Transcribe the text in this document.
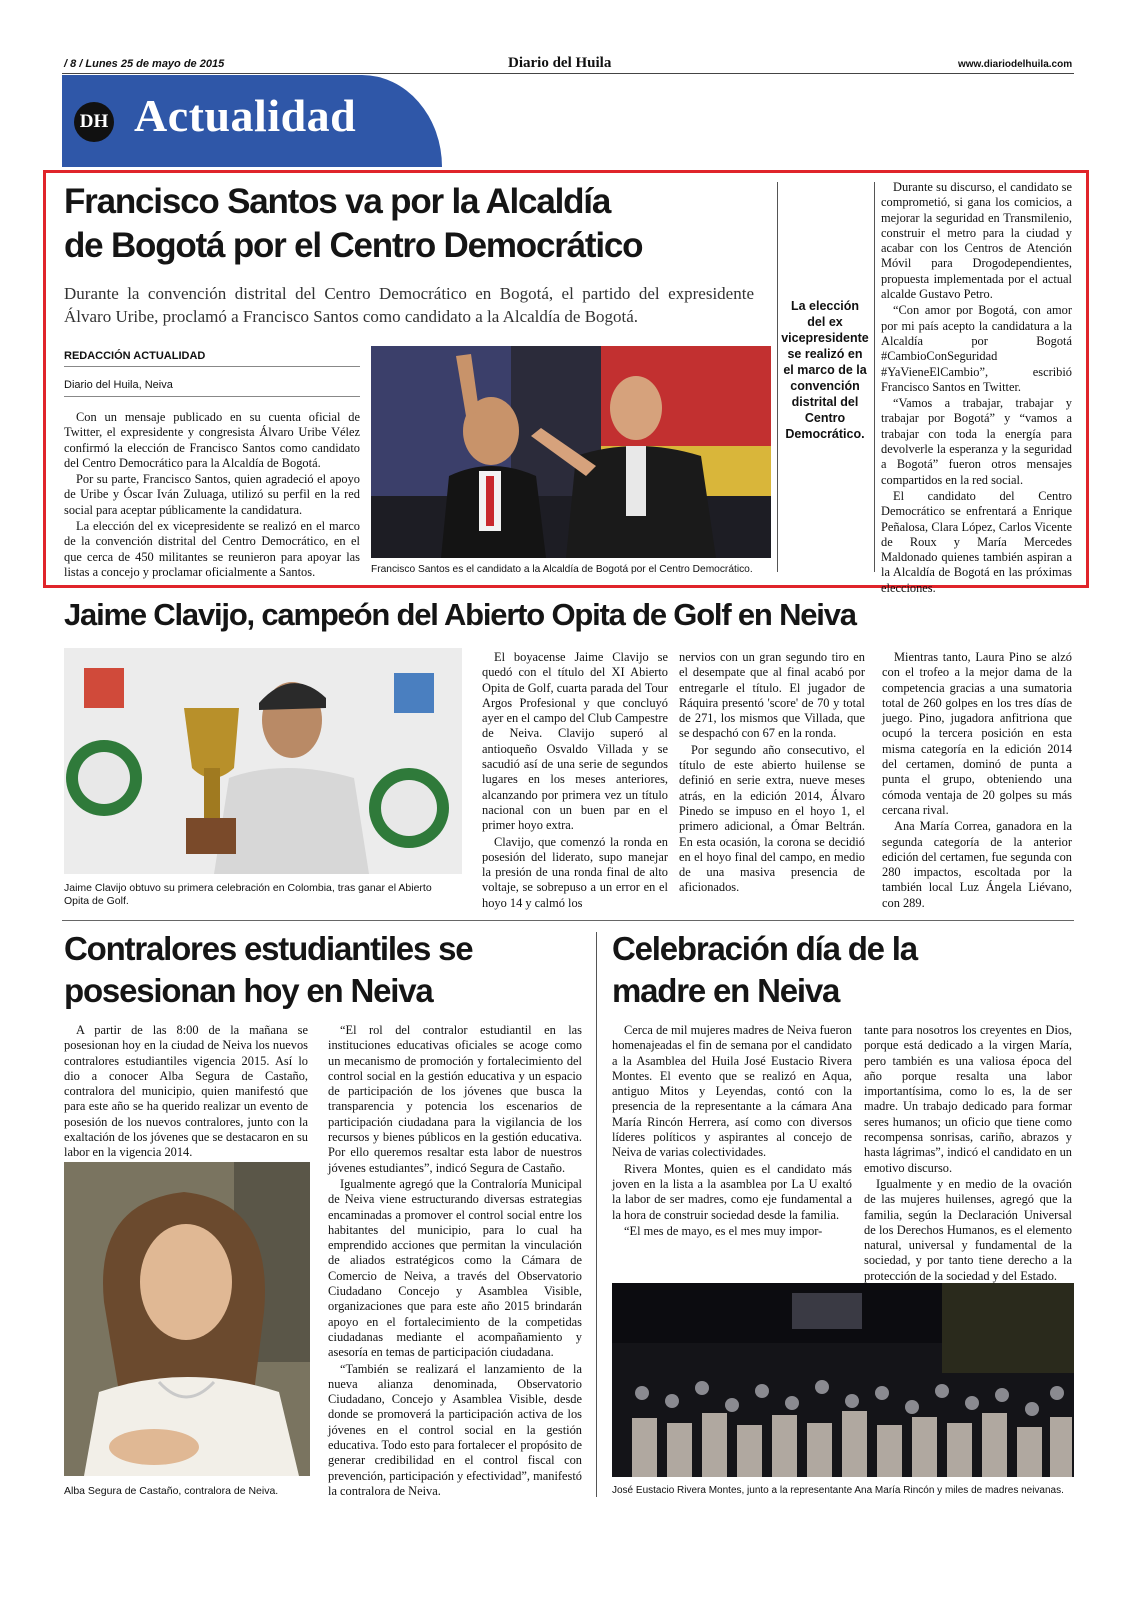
/ 8 / Lunes 25 de mayo de 2015	Diario del Huila	www.diariodelhuila.com
DH Actualidad
Francisco Santos va por la Alcaldía
de Bogotá por el Centro Democrático
Durante la convención distrital del Centro Democrático en Bogotá, el partido del expresidente Álvaro Uribe, proclamó a Francisco Santos como candidato a la Alcaldía de Bogotá.
REDACCIÓN ACTUALIDAD
Diario del Huila, Neiva

Con un mensaje publicado en su cuenta oficial de Twitter, el expresidente y congresista Álvaro Uribe Vélez confirmó la elección de Francisco Santos como candidato del Centro Democrático para la Alcaldía de Bogotá.

Por su parte, Francisco Santos, quien agradeció el apoyo de Uribe y Óscar Iván Zuluaga, utilizó su perfil en la red social para aceptar públicamente la candidatura.

La elección del ex vicepresidente se realizó en el marco de la convención distrital del Centro Democrático, en el que cerca de 450 militantes se reunieron para apoyar las listas a concejo y proclamar oficialmente a Santos.	Francisco Santos es el candidato a la Alcaldía de Bogotá por el Centro Democrático.
La elección del ex vicepresidente se realizó en el marco de la convención distrital del Centro Democrático.

Durante su discurso, el candidato se comprometió, si gana los comicios, a mejorar la seguridad en Transmilenio, construir el metro para la ciudad y acabar con los Centros de Atención Móvil para Drogodependientes, propuesta implementada por el actual alcalde Gustavo Petro.

“Con amor por Bogotá, con amor por mi país acepto la candidatura a la Alcaldía por Bogotá #CambioConSeguridad #YaVieneElCambio”, escribió Francisco Santos en Twitter.

“Vamos a trabajar, trabajar y trabajar por Bogotá” y “vamos a trabajar con toda la energía para devolverle la esperanza y la seguridad a Bogotá” fueron otros mensajes compartidos en la red social.

El candidato del Centro Democrático se enfrentará a Enrique Peñalosa, Clara López, Carlos Vicente de Roux y María Mercedes Maldonado quienes también aspiran a la Alcaldía de Bogotá en las próximas elecciones.

Jaime Clavijo, campeón del Abierto Opita de Golf en Neiva
Jaime Clavijo obtuvo su primera celebración en Colombia, tras ganar el Abierto Opita de Golf.

El boyacense Jaime Clavijo se quedó con el título del XI Abierto Opita de Golf, cuarta parada del Tour Argos Profesional y que concluyó ayer en el campo del Club Campestre de Neiva. Clavijo superó al antioqueño Osvaldo Villada y se sacudió así de una serie de segundos lugares en los meses anteriores, alcanzando por primera vez un título nacional con un buen par en el primer hoyo extra.

Clavijo, que comenzó la ronda en posesión del liderato, supo manejar la presión de una ronda final de alto voltaje, se sobrepuso a un error en el hoyo 14 y calmó los

nervios con un gran segundo tiro en el desempate que al final acabó por entregarle el título. El jugador de Ráquira presentó 'score' de 70 y total de 271, los mismos que Villada, que se despachó con 67 en la ronda.

Por segundo año consecutivo, el título de este abierto huilense se definió en serie extra, nueve meses atrás, en la edición 2014, Álvaro Pinedo se impuso en el hoyo 1, el primero adicional, a Ómar Beltrán. En esta ocasión, la corona se decidió en el hoyo final del campo, en medio de una masiva presencia de aficionados.

Mientras tanto, Laura Pino se alzó con el trofeo a la mejor dama de la competencia gracias a una sumatoria total de 260 golpes en los tres días de juego. Pino, jugadora anfitriona que ocupó la tercera posición en esta misma categoría en la edición 2014 del certamen, dominó de punta a punta el grupo, obteniendo una cómoda ventaja de 20 golpes su más cercana rival.

Ana María Correa, ganadora en la segunda categoría de la anterior edición del certamen, fue segunda con 280 impactos, escoltada por la también local Luz Ángela Liévano, con 289.

Contralores estudiantiles se
posesionan hoy en Neiva

A partir de las 8:00 de la mañana se posesionan hoy en la ciudad de Neiva los nuevos contralores estudiantiles vigencia 2015. Así lo dio a conocer Alba Segura de Castaño, contralora del municipio, quien manifestó que para este año se ha querido realizar un evento de posesión de los nuevos contralores, junto con la exaltación de los jóvenes que se destacaron en su labor en la vigencia 2014.

Alba Segura de Castaño, contralora de Neiva.

“El rol del contralor estudiantil en las instituciones educativas oficiales se acoge como un mecanismo de promoción y fortalecimiento del control social en la gestión educativa y un espacio de participación de los jóvenes que busca la transparencia y potencia los escenarios de participación ciudadana para la vigilancia de los recursos y bienes públicos en la gestión educativa. Por ello queremos resaltar esta labor de nuestros jóvenes estudiantes”, indicó Segura de Castaño.

Igualmente agregó que la Contraloría Municipal de Neiva viene estructurando diversas estrategias encaminadas a promover el control social entre los habitantes del municipio, para lo cual ha emprendido acciones que permitan la vinculación de aliados estratégicos como la Cámara de Comercio de Neiva, a través del Observatorio Ciudadano Concejo y Asamblea Visible, organizaciones que para este año 2015 brindarán apoyo en el fortalecimiento de la competidas ciudadanas mediante el acompañamiento y asesoría en temas de participación ciudadana.

“También se realizará el lanzamiento de la nueva alianza denominada, Observatorio Ciudadano, Concejo y Asamblea Visible, desde donde se promoverá la participación activa de los jóvenes en el control social en la gestión educativa. Todo esto para fortalecer el propósito de generar credibilidad en el control fiscal con prevención, participación y efectividad”, manifestó la contralora de Neiva.

Celebración día de la
madre en Neiva

Cerca de mil mujeres madres de Neiva fueron homenajeadas el fin de semana por el candidato a la Asamblea del Huila José Eustacio Rivera Montes. El evento que se realizó en Aqua, antiguo Mitos y Leyendas, contó con la presencia de la representante a la cámara Ana María Rincón Herrera, así como con diversos líderes políticos y aspirantes al concejo de Neiva de varias colectividades.

Rivera Montes, quien es el candidato más joven en la lista a la asamblea por La U exaltó la labor de ser madres, como eje fundamental a la hora de construir sociedad desde la familia.

“El mes de mayo, es el mes muy impor-

tante para nosotros los creyentes en Dios, porque está dedicado a la virgen María, pero también es una valiosa época del año porque resalta una labor importantísima, como lo es, la de ser madre. Un trabajo dedicado para formar seres humanos; un oficio que tiene como recompensa sonrisas, cariño, abrazos y hasta lágrimas”, indicó el candidato en un emotivo discurso.

Igualmente y en medio de la ovación de las mujeres huilenses, agregó que la familia, según la Declaración Universal de los Derechos Humanos, es el elemento natural, universal y fundamental de la sociedad, y por tanto tiene derecho a la protección de la sociedad y del Estado.

José Eustacio Rivera Montes, junto a la representante Ana María Rincón y miles de madres neivanas.
